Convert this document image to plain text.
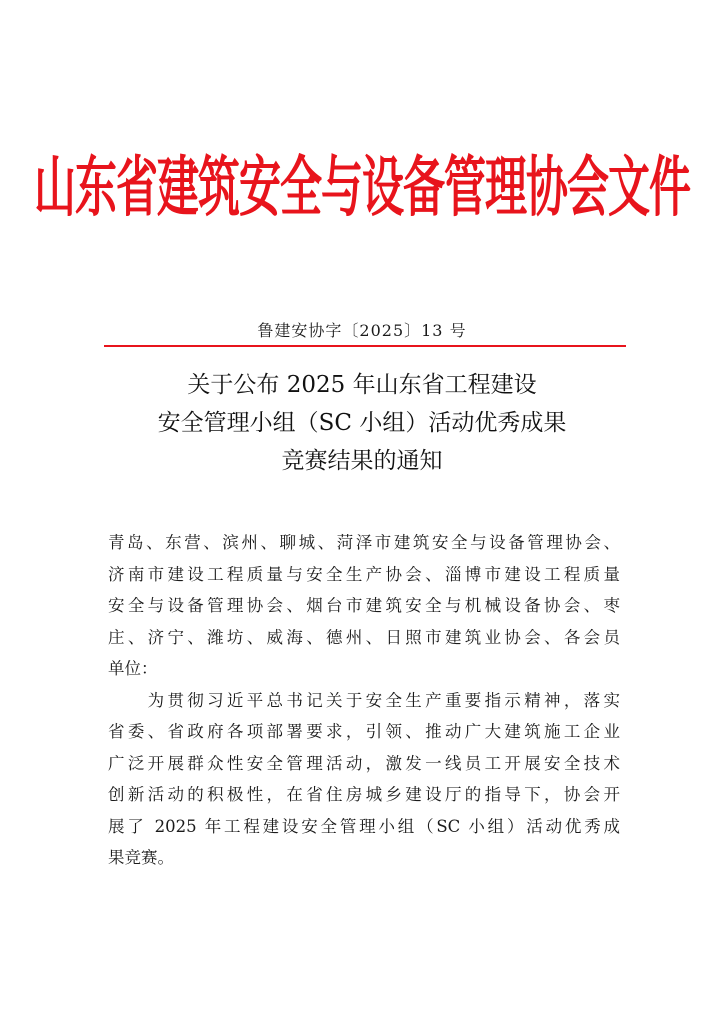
山东省建筑安全与设备管理协会文件
鲁建安协字〔2025〕13 号
关于公布 2025 年山东省工程建设
安全管理小组（SC 小组）活动优秀成果
竞赛结果的通知
青岛、东营、滨州、聊城、菏泽市建筑安全与设备管理协会、
济南市建设工程质量与安全生产协会、淄博市建设工程质量
安全与设备管理协会、烟台市建筑安全与机械设备协会、枣
庄、济宁、潍坊、威海、德州、日照市建筑业协会、各会员
单位：
　　为贯彻习近平总书记关于安全生产重要指示精神，落实
省委、省政府各项部署要求，引领、推动广大建筑施工企业
广泛开展群众性安全管理活动，激发一线员工开展安全技术
创新活动的积极性，在省住房城乡建设厅的指导下，协会开
展了 2025 年工程建设安全管理小组（SC 小组）活动优秀成
果竞赛。
